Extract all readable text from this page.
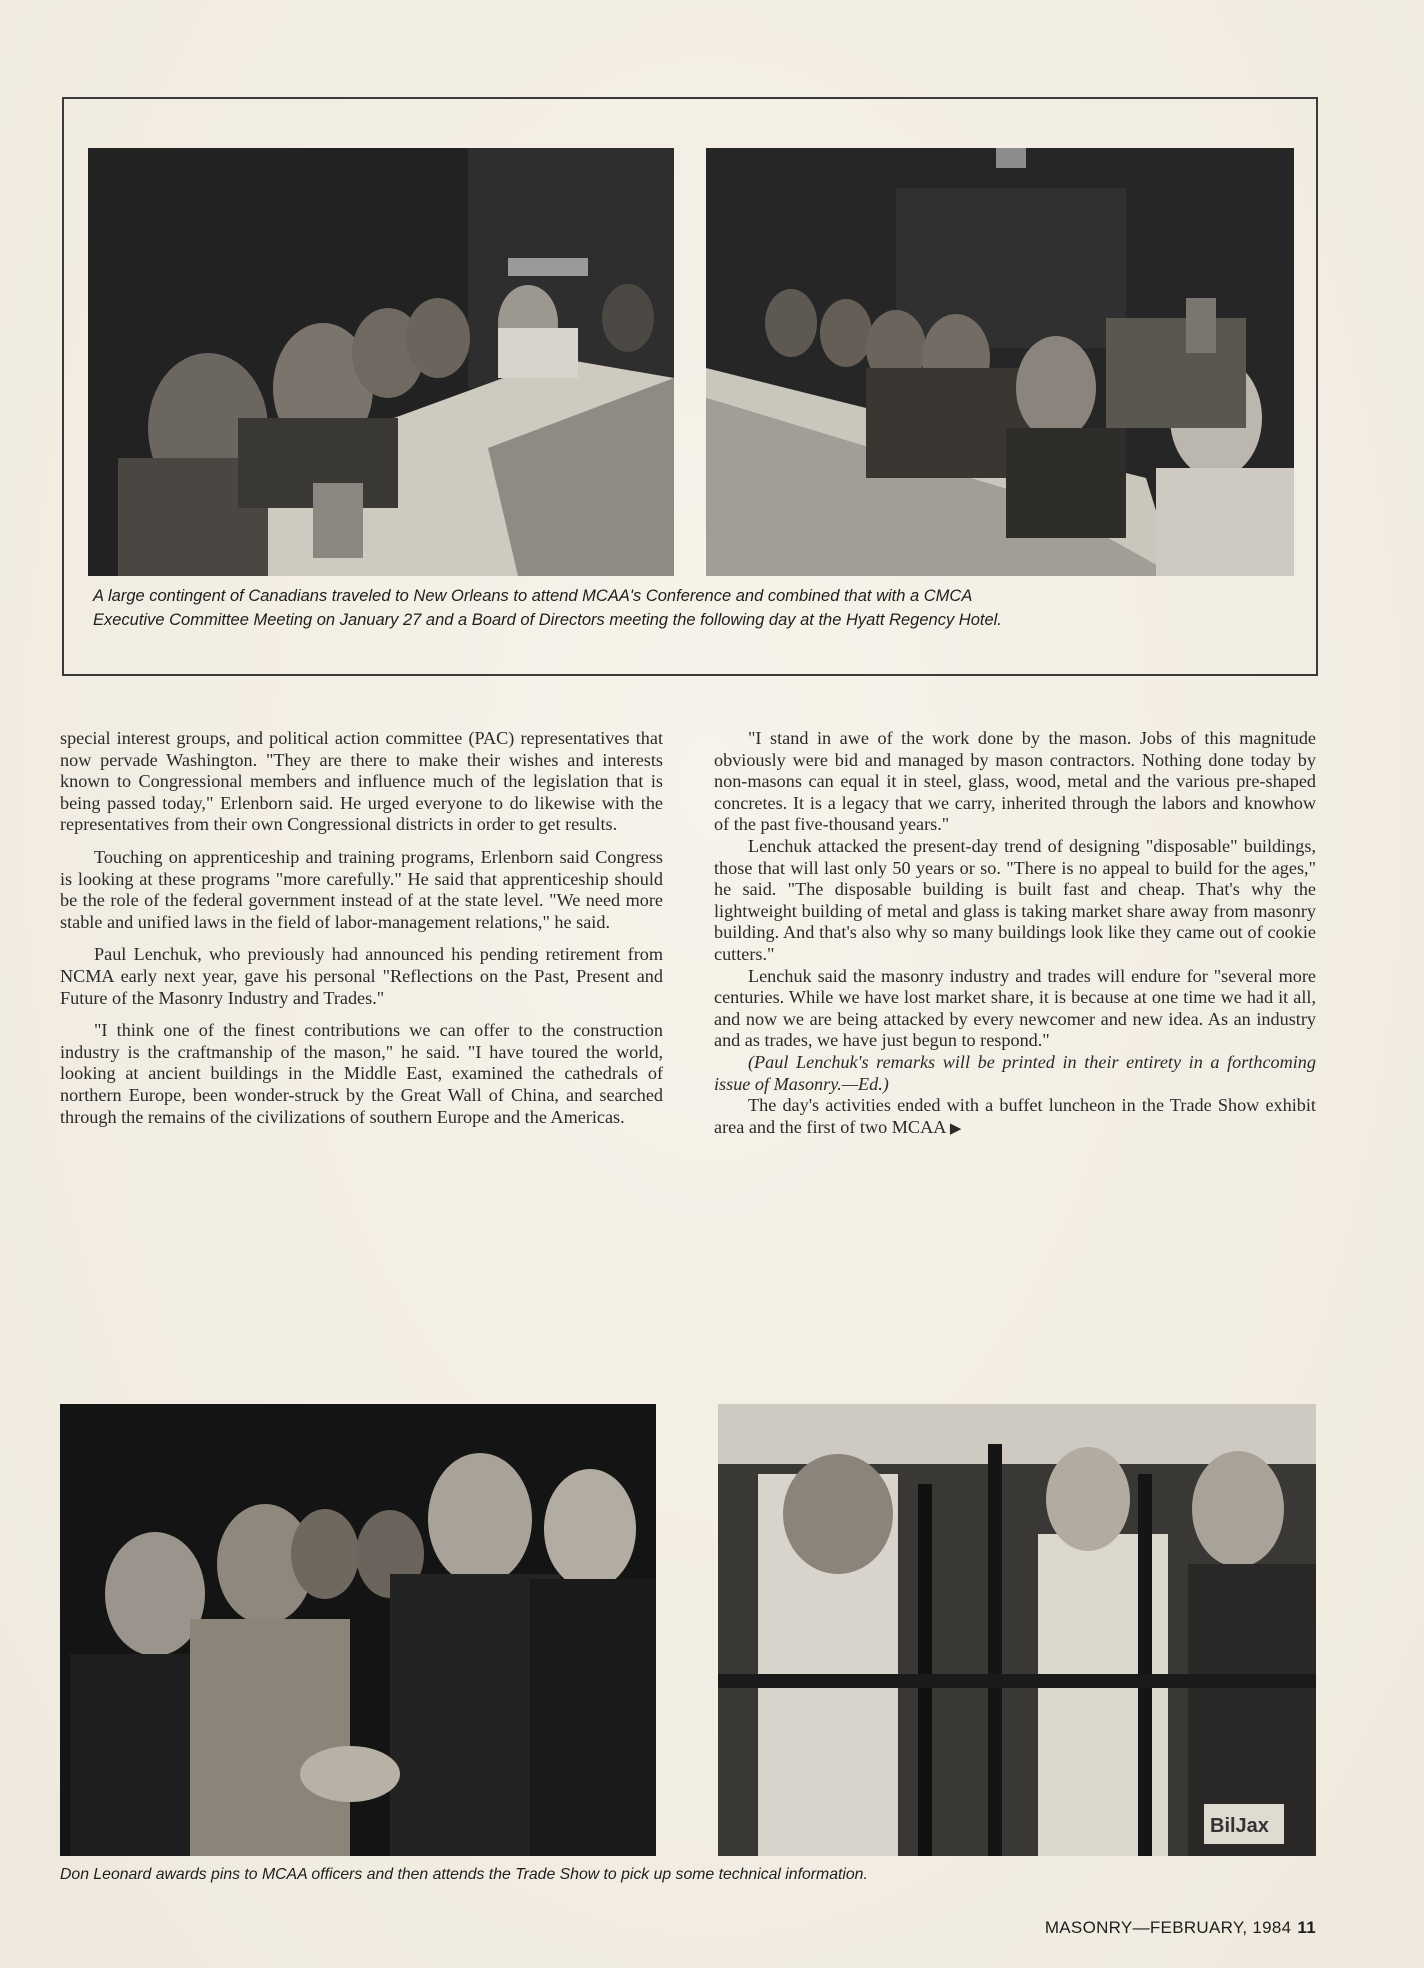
A large contingent of Canadians traveled to New Orleans to attend MCAA's Conference and combined that with a CMCA

Executive Committee Meeting on January 27 and a Board of Directors meeting the following day at the Hyatt Regency Hotel.

special interest groups, and political action committee (PAC) representatives that now pervade Washington. "They are there to make their wishes and interests known to Congressional members and influence much of the legislation that is being passed today," Erlenborn said. He urged everyone to do likewise with the representatives from their own Congressional districts in order to get results.

Touching on apprenticeship and training programs, Erlenborn said Congress is looking at these programs "more carefully." He said that apprenticeship should be the role of the federal government instead of at the state level. "We need more stable and unified laws in the field of labor-management relations," he said.

Paul Lenchuk, who previously had announced his pending retirement from NCMA early next year, gave his personal "Reflections on the Past, Present and Future of the Masonry Industry and Trades."

"I think one of the finest contributions we can offer to the construction industry is the craftmanship of the mason," he said. "I have toured the world, looking at ancient buildings in the Middle East, examined the cathedrals of northern Europe, been wonder-struck by the Great Wall of China, and searched through the remains of the civilizations of southern Europe and the Americas.

"I stand in awe of the work done by the mason. Jobs of this magnitude obviously were bid and managed by mason contractors. Nothing done today by non-masons can equal it in steel, glass, wood, metal and the various pre-shaped concretes. It is a legacy that we carry, inherited through the labors and knowhow of the past five-thousand years."

Lenchuk attacked the present-day trend of designing "disposable" buildings, those that will last only 50 years or so. "There is no appeal to build for the ages," he said. "The disposable building is built fast and cheap. That's why the lightweight building of metal and glass is taking market share away from masonry building. And that's also why so many buildings look like they came out of cookie cutters."

Lenchuk said the masonry industry and trades will endure for "several more centuries. While we have lost market share, it is because at one time we had it all, and now we are being attacked by every newcomer and new idea. As an industry and as trades, we have just begun to respond."

(Paul Lenchuk's remarks will be printed in their entirety in a forthcoming issue of Masonry.—Ed.)

The day's activities ended with a buffet luncheon in the Trade Show exhibit area and the first of two MCAA ▶

BilJax
Don Leonard awards pins to MCAA officers and then attends the Trade Show to pick up some technical information.
MASONRY—FEBRUARY, 1984 11
